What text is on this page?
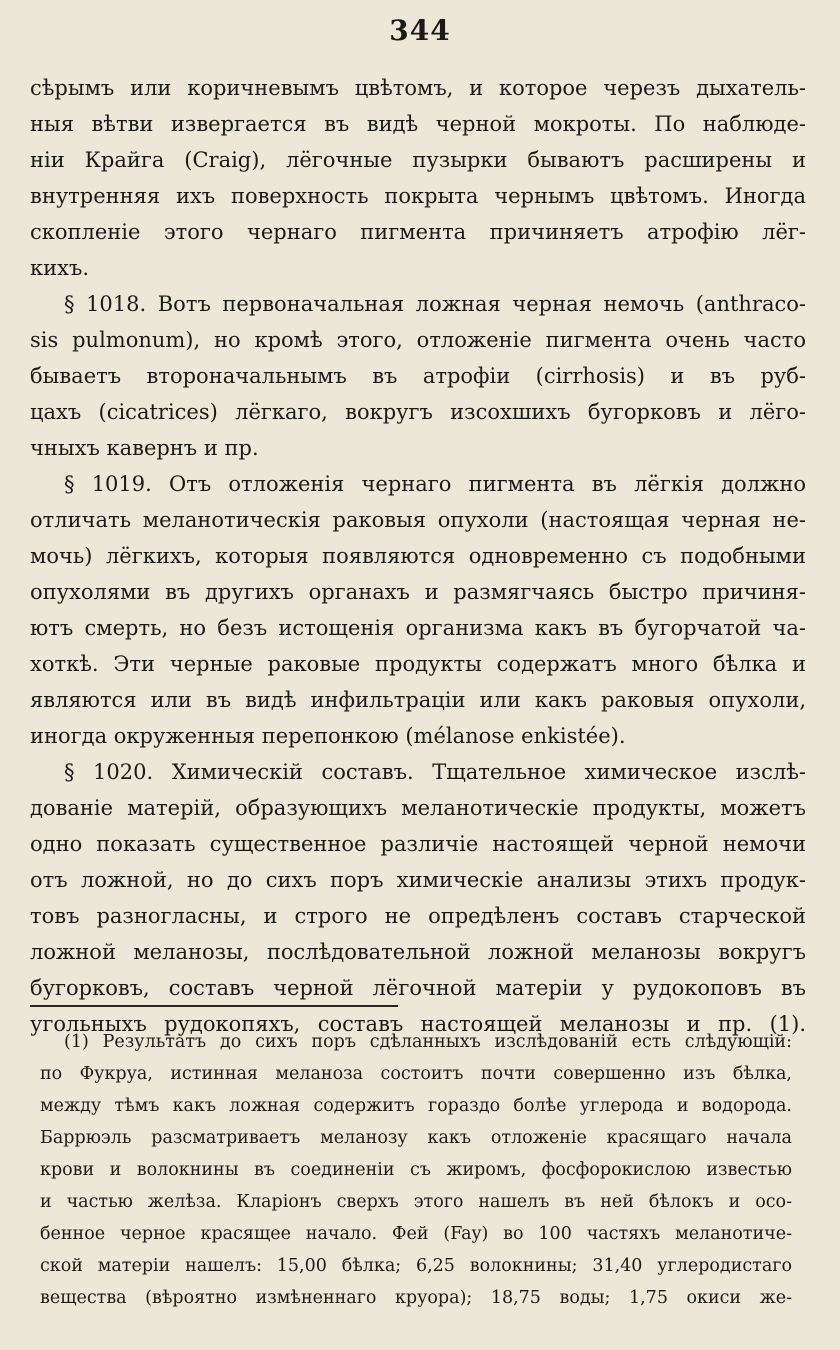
344
сѣрымъ или коричневымъ цвѣтомъ, и которое черезъ дыхатель-
ныя вѣтви извергается въ видѣ черной мокроты. По наблюде-
нiи Крайга (Craig), лёгочные пузырки бываютъ расширены и
внутренняя ихъ поверхность покрыта чернымъ цвѣтомъ. Иногда
скопленiе этого чернаго пигмента причиняетъ атрофiю лёг-
кихъ.
§ 1018. Вотъ первоначальная ложная черная немочь (anthracо-
sis pulmonum), но кромѣ этого, отложенiе пигмента очень часто
бываетъ второначальнымъ въ атрофiи (cirrhosis) и въ руб-
цахъ (cicatrices) лёгкаго, вокругъ изсохшихъ бугорковъ и лёго-
чныхъ кавернъ и пр.
§ 1019. Отъ отложенiя чернаго пигмента въ лёгкiя должно
отличать меланотическiя раковыя опухоли (настоящая черная не-
мочь) лёгкихъ, которыя появляются одновременно съ подобными
опухолями въ другихъ органахъ и размягчаясь быстро причиня-
ютъ смерть, но безъ истощенiя организма какъ въ бугорчатой ча-
хоткѣ. Эти черные раковые продукты содержатъ много бѣлка и
являются или въ видѣ инфильтрацiи или какъ раковыя опухоли,
иногда окруженныя перепонкою (mélanose enkistée).
§ 1020. Химическiй составъ. Тщательное химическое изслѣ-
дованiе матерiй, образующихъ меланотическiе продукты, можетъ
одно показать существенное различiе настоящей черной немочи
отъ ложной, но до сихъ поръ химическiе анализы этихъ продук-
товъ разногласны, и строго не опредѣленъ составъ старческой
ложной меланозы, послѣдовательной ложной меланозы вокругъ
бугорковъ, составъ черной лёгочной матерiи у рудокоповъ въ
угольныхъ рудокопяхъ, составъ настоящей меланозы и пр. (1).
(1) Результатъ до сихъ поръ сдѣланныхъ изслѣдованiй есть слѣдующiй:
по Фукруа, истинная меланоза состоитъ почти совершенно изъ бѣлка,
между тѣмъ какъ ложная содержитъ гораздо болѣе углерода и водорода.
Баррюэль разсматриваетъ меланозу какъ отложенiе красящаго начала
крови и волокнины въ соединенiи съ жиромъ, фосфорокислою известью
и частью желѣза. Кларiонъ сверхъ этого нашелъ въ ней бѣлокъ и осо-
бенное черное красящее начало. Фей (Fay) во 100 частяхъ меланотиче-
ской матерiи нашелъ: 15,00 бѣлка; 6,25 волокнины; 31,40 углеродистаго
вещества (вѣроятно измѣненнаго круора); 18,75 воды; 1,75 окиси же-
